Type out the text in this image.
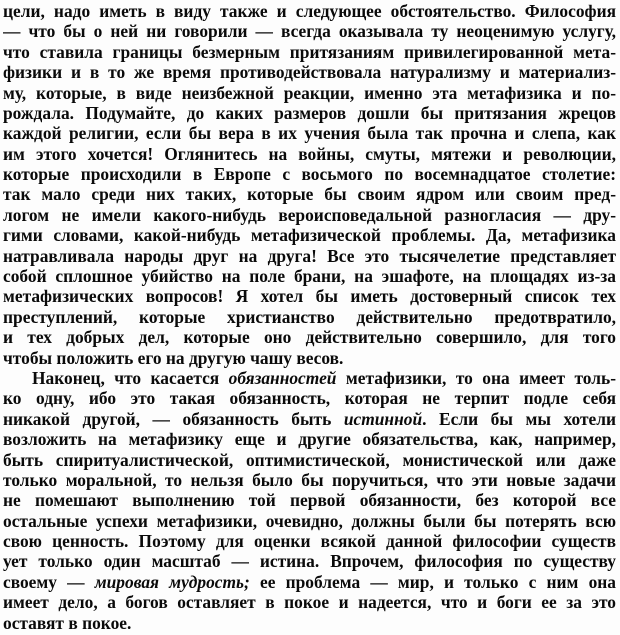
цели, надо иметь в виду также и следующее обстоятельство. Философия
— что бы о ней ни говорили — всегда оказывала ту неоценимую услугу,
что ставила границы безмерным притязаниям привилегированной мета-
физики и в то же время противодействовала натурализму и материализ-
му, которые, в виде неизбежной реакции, именно эта метафизика и по-
рождала. Подумайте, до каких размеров дошли бы притязания жрецов
каждой религии, если бы вера в их учения была так прочна и слепа, как
им этого хочется! Оглянитесь на войны, смуты, мятежи и революции,
которые происходили в Европе с восьмого по восемнадцатое столетие:
так мало среди них таких, которые бы своим ядром или своим пред-
логом не имели какого-нибудь вероисповедальной разногласия — дру-
гими словами, какой-нибудь метафизической проблемы. Да, метафизика
натравливала народы друг на друга! Все это тысячелетие представляет
собой сплошное убийство на поле брани, на эшафоте, на площадях из-за
метафизических вопросов! Я хотел бы иметь достоверный список тех
преступлений, которые христианство действительно предотвратило,
и тех добрых дел, которые оно действительно совершило, для того
чтобы положить его на другую чашу весов.
Наконец, что касается обязанностей метафизики, то она имеет толь-
ко одну, ибо это такая обязанность, которая не терпит подле себя
никакой другой, — обязанность быть истинной. Если бы мы хотели
возложить на метафизику еще и другие обязательства, как, например,
быть спиритуалистической, оптимистической, монистической или даже
только моральной, то нельзя было бы поручиться, что эти новые задачи
не помешают выполнению той первой обязанности, без которой все
остальные успехи метафизики, очевидно, должны были бы потерять всю
свою ценность. Поэтому для оценки всякой данной философии существ
ует только один масштаб — истина. Впрочем, философия по существу
своему — мировая мудрость; ее проблема — мир, и только с ним она
имеет дело, а богов оставляет в покое и надеется, что и боги ее за это
оставят в покое.
